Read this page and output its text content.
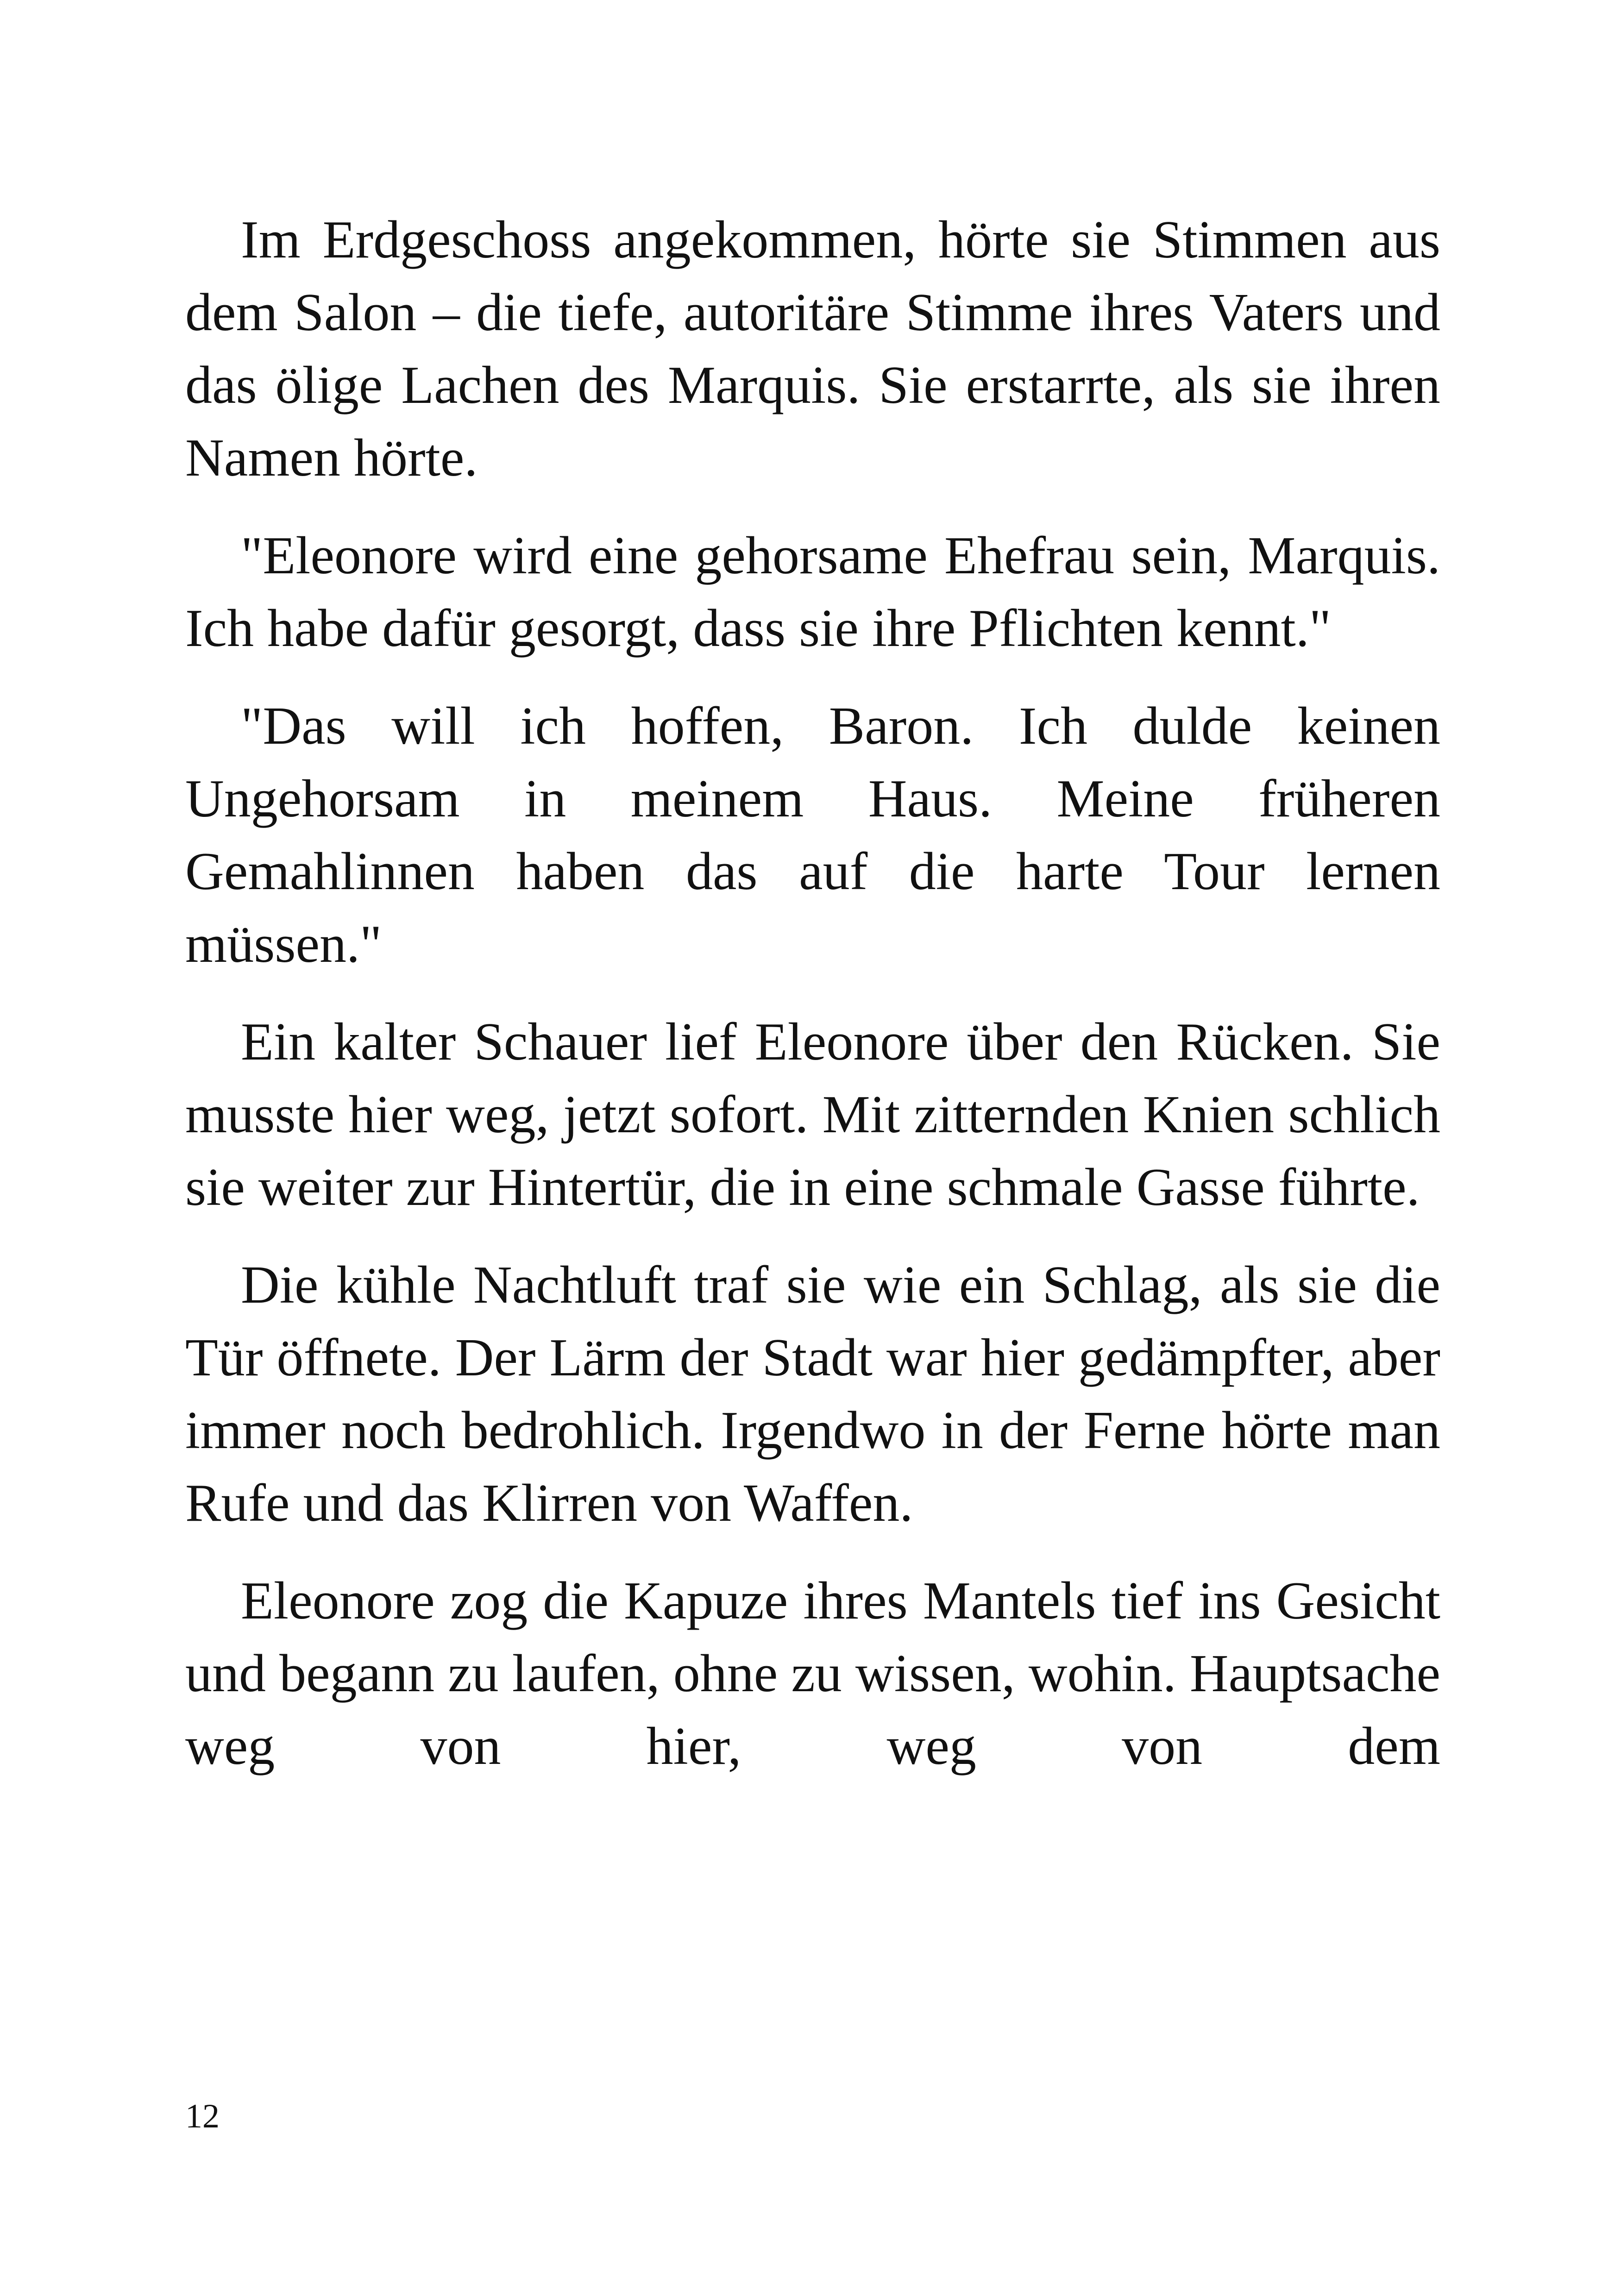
Im Erdgeschoss angekommen, hörte sie Stimmen aus dem Salon – die tiefe, autoritäre Stimme ihres Vaters und das ölige Lachen des Marquis. Sie erstarrte, als sie ihren Namen hörte.

"Eleonore wird eine gehorsame Ehefrau sein, Marquis. Ich habe dafür gesorgt, dass sie ihre Pflichten kennt."

"Das will ich hoffen, Baron. Ich dulde keinen Ungehorsam in meinem Haus. Meine früheren Gemahlinnen haben das auf die harte Tour lernen müssen."

Ein kalter Schauer lief Eleonore über den Rücken. Sie musste hier weg, jetzt sofort. Mit zitternden Knien schlich sie weiter zur Hintertür, die in eine schmale Gasse führte.

Die kühle Nachtluft traf sie wie ein Schlag, als sie die Tür öffnete. Der Lärm der Stadt war hier gedämpfter, aber immer noch bedrohlich. Irgendwo in der Ferne hörte man Rufe und das Klirren von Waffen.

Eleonore zog die Kapuze ihres Mantels tief ins Gesicht und begann zu laufen, ohne zu wissen, wohin. Hauptsache weg von hier, weg von dem

12
